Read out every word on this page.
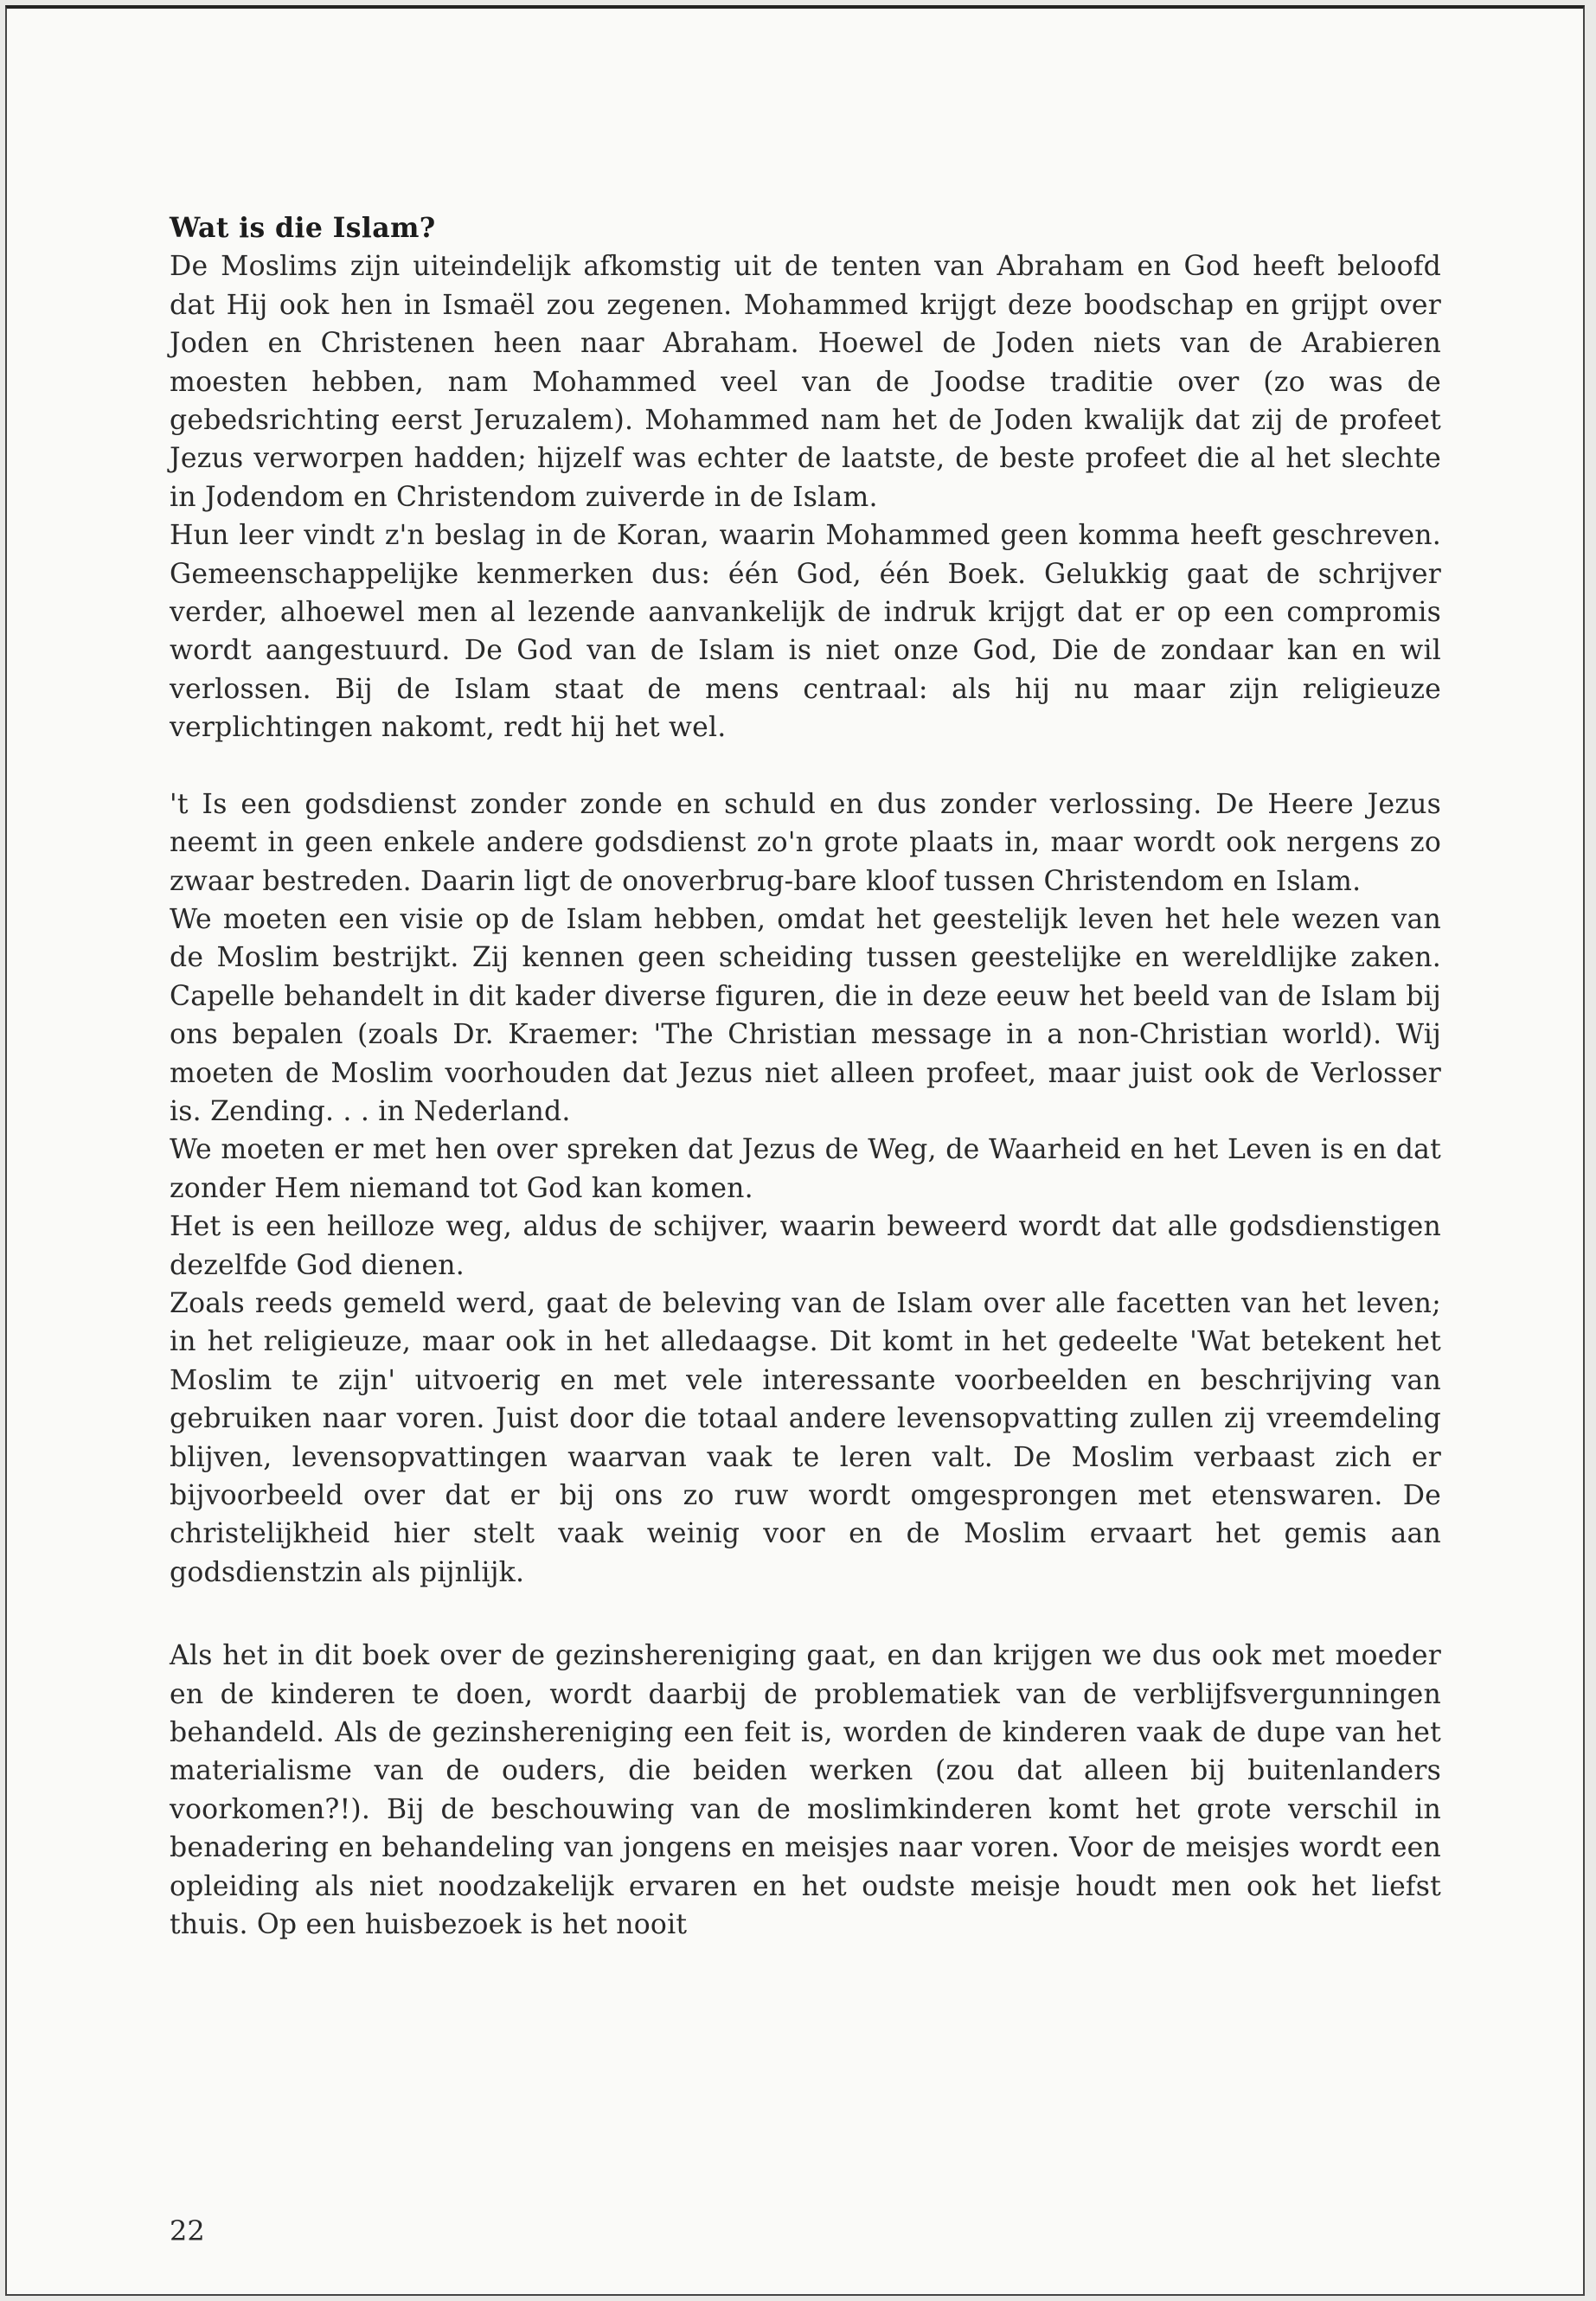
Wat is die Islam?

De Moslims zijn uiteindelijk afkomstig uit de tenten van Abraham en God heeft beloofd dat Hij ook hen in Ismaël zou zegenen. Mohammed krijgt deze boodschap en grijpt over Joden en Christenen heen naar Abraham. Hoewel de Joden niets van de Arabieren moesten hebben, nam Mohammed veel van de Joodse traditie over (zo was de gebedsrichting eerst Jeruzalem). Mohammed nam het de Joden kwalijk dat zij de profeet Jezus verworpen hadden; hijzelf was echter de laatste, de beste profeet die al het slechte in Jodendom en Christendom zuiverde in de Islam.

Hun leer vindt z'n beslag in de Koran, waarin Mohammed geen komma heeft geschreven. Gemeenschappelijke kenmerken dus: één God, één Boek. Gelukkig gaat de schrijver verder, alhoewel men al lezende aanvankelijk de indruk krijgt dat er op een compromis wordt aangestuurd. De God van de Islam is niet onze God, Die de zondaar kan en wil verlossen. Bij de Islam staat de mens centraal: als hij nu maar zijn religieuze verplichtingen nakomt, redt hij het wel.

't Is een godsdienst zonder zonde en schuld en dus zonder verlossing. De Heere Jezus neemt in geen enkele andere godsdienst zo'n grote plaats in, maar wordt ook nergens zo zwaar bestreden. Daarin ligt de onoverbrug-bare kloof tussen Christendom en Islam.

We moeten een visie op de Islam hebben, omdat het geestelijk leven het hele wezen van de Moslim bestrijkt. Zij kennen geen scheiding tussen geestelijke en wereldlijke zaken. Capelle behandelt in dit kader diverse figuren, die in deze eeuw het beeld van de Islam bij ons bepalen (zoals Dr. Kraemer: 'The Christian message in a non-Christian world). Wij moeten de Moslim voorhouden dat Jezus niet alleen profeet, maar juist ook de Verlosser is. Zending. . . in Nederland.

We moeten er met hen over spreken dat Jezus de Weg, de Waarheid en het Leven is en dat zonder Hem niemand tot God kan komen.

Het is een heilloze weg, aldus de schijver, waarin beweerd wordt dat alle godsdienstigen dezelfde God dienen.

Zoals reeds gemeld werd, gaat de beleving van de Islam over alle facetten van het leven; in het religieuze, maar ook in het alledaagse. Dit komt in het gedeelte 'Wat betekent het Moslim te zijn' uitvoerig en met vele interessante voorbeelden en beschrijving van gebruiken naar voren. Juist door die totaal andere levensopvatting zullen zij vreemdeling blijven, levensopvattingen waarvan vaak te leren valt. De Moslim verbaast zich er bijvoorbeeld over dat er bij ons zo ruw wordt omgesprongen met etenswaren. De christelijkheid hier stelt vaak weinig voor en de Moslim ervaart het gemis aan godsdienstzin als pijnlijk.

Als het in dit boek over de gezinshereniging gaat, en dan krijgen we dus ook met moeder en de kinderen te doen, wordt daarbij de problematiek van de verblijfsvergunningen behandeld. Als de gezinshereniging een feit is, worden de kinderen vaak de dupe van het materialisme van de ouders, die beiden werken (zou dat alleen bij buitenlanders voorkomen?!). Bij de beschouwing van de moslimkinderen komt het grote verschil in benadering en behandeling van jongens en meisjes naar voren. Voor de meisjes wordt een opleiding als niet noodzakelijk ervaren en het oudste meisje houdt men ook het liefst thuis. Op een huisbezoek is het nooit

22
